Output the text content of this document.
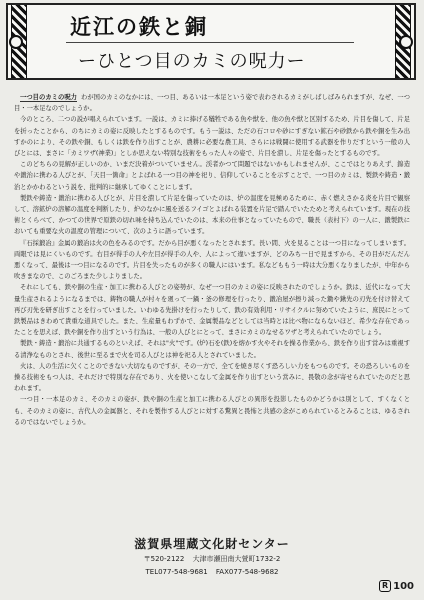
近江の鉄と銅
ーひとつ目のカミの呪力ー

一つ目のカミの呪力 わが国のカミのなかには、一つ目、あるいは一本足という姿で表わされるカミがしばしばみられますが、なぜ、一つ目・一本足なのでしょうか。

今のところ、二つの説が唱えられています。一説は、カミに捧げる犠牲である魚や獣を、他の魚や獣と区別するため、片目を傷して、片足を折ったことから、のちにカミの姿に反映したとするものです。もう一説は、ただの石コロや砂にすぎない鉱石や砂鉄から鉄や銅を生み出すかのにより、その鉄や銅、もしくは鉄を作り出すことが、農耕に必要な農工具、さらには戦闘に使用する武器を作りだすという一般の人びとには、まさに「カミワザ(神業)」としか思えない特別な技術をもった人々の姿で、片目を潰し、片足を傷ったとするものです。

このどちらの見解が正しいのか、いまだ決着がついていません。渓者かつて問題ではないかもしれませんが、ここではとりあえず、錦造や鍛治に携わる人びとが、「天目一箇命」とよばれる一つ目の神を祀り、信仰していることを示すことで、一つ目のカミは、製鉄や鋳造・鍛治とかかわるという説を、批判的に継承してゆくことにします。

製鉄や鋳造・鍛治に携わる人びとが、片目を潰して片足を傷っていたのは、炉の温度を見極めるために、赤く燃えさかる炎を片目で観察して、溶鉱炉の溶解の温度を判断したり、炉のなかに風を送るフイゴとよばれる装置を片足で踏んでいたためと考えられています。現在の技術とくらべて、かつての世界で原鉄の切れ味を持ち込んでいたのは、本来の仕事となっていたもので、職長（表村下）の一人に、鍛製鉄においても重要な火の温度の管理について、次のように語っています。

『石採鍛冶』金属の鍛冶は火の色をみるのです。だから目が悪くなったとされます。長い間、火を見ることは一つ目になってしまいます。両眼では見にくいものです。右目が得手の人や左目が得手の人や、人によって違いますが、どのみち一日で見ますから、その目がだんだん悪くなって、最後は一つ目になるのです。片目を失ったものが多くの職人にはいます。私などももう一時は大分悪くなりましたが、中年から吹きまなので、このごろまた少しよりました。

それにしても、鉄や銅の生産・加工に携わる人びとの姿勢が、なぜ一つ目のカミの姿に反映されたのでしょうか。鉄は、近代になって大量生産されるようになるまでは、鋳物の職人が村々を廻って一鍋・釜の修理を行ったり、鍛冶屋が擦り減った鋤や鍬先の刃先を付け替えて再び刃先を研ぎ出すことを行っていました。いわゆる先掛けを行ったりして、鉄の有効利用・リサイクルに努めていたように、庶民にとって鉄製品はきわめて貴重な道具でした。また、生産量もわずかで、金属製品などとしては当時とは比べ物にならないほど、希少な存在であったことを思えば、鉄や銅を作り出すという行為は、一般の人びとにとって、まさにカミのなせるワザと考えられていたのでしょう。

製鉄・鋳造・鍛治に共通するものといえば、それは"火"です。(炉)石を(鉄)を熔かす火やそれを操る作業から、鉄を作り出す営みは重視する清浄なものとされ、後世に至るまで火を司る人びとは神を祀る人とされていました。

火は、人の生活に欠くことのできない大切なものですが、その一方で、全てを焼き尽くす恐ろしい力をもつものです。その恐ろしいものを操る技術をもつ人は、それだけで特別な存在であり、火を使いこなして金属を作り出すという営みに、畏敬の念が寄せられていたのだと思われます。

一つ目・一本足のカミ、そのカミの姿が、鉄や銅の生産と加工に携わる人びとの異形を投影したものかどうかは別として、すくなくとも、そのカミの姿に、古代人の金属器と、それを製作する人びとに対する驚異と畏怖と共感の念がこめられているとみることは、ゆるされるのではないでしょうか。

滋賀県埋蔵文化財センター
〒520-2122 大津市瀬田南大萱町1732-2
TEL077-548-9681 FAX077-548-9682
R 100
